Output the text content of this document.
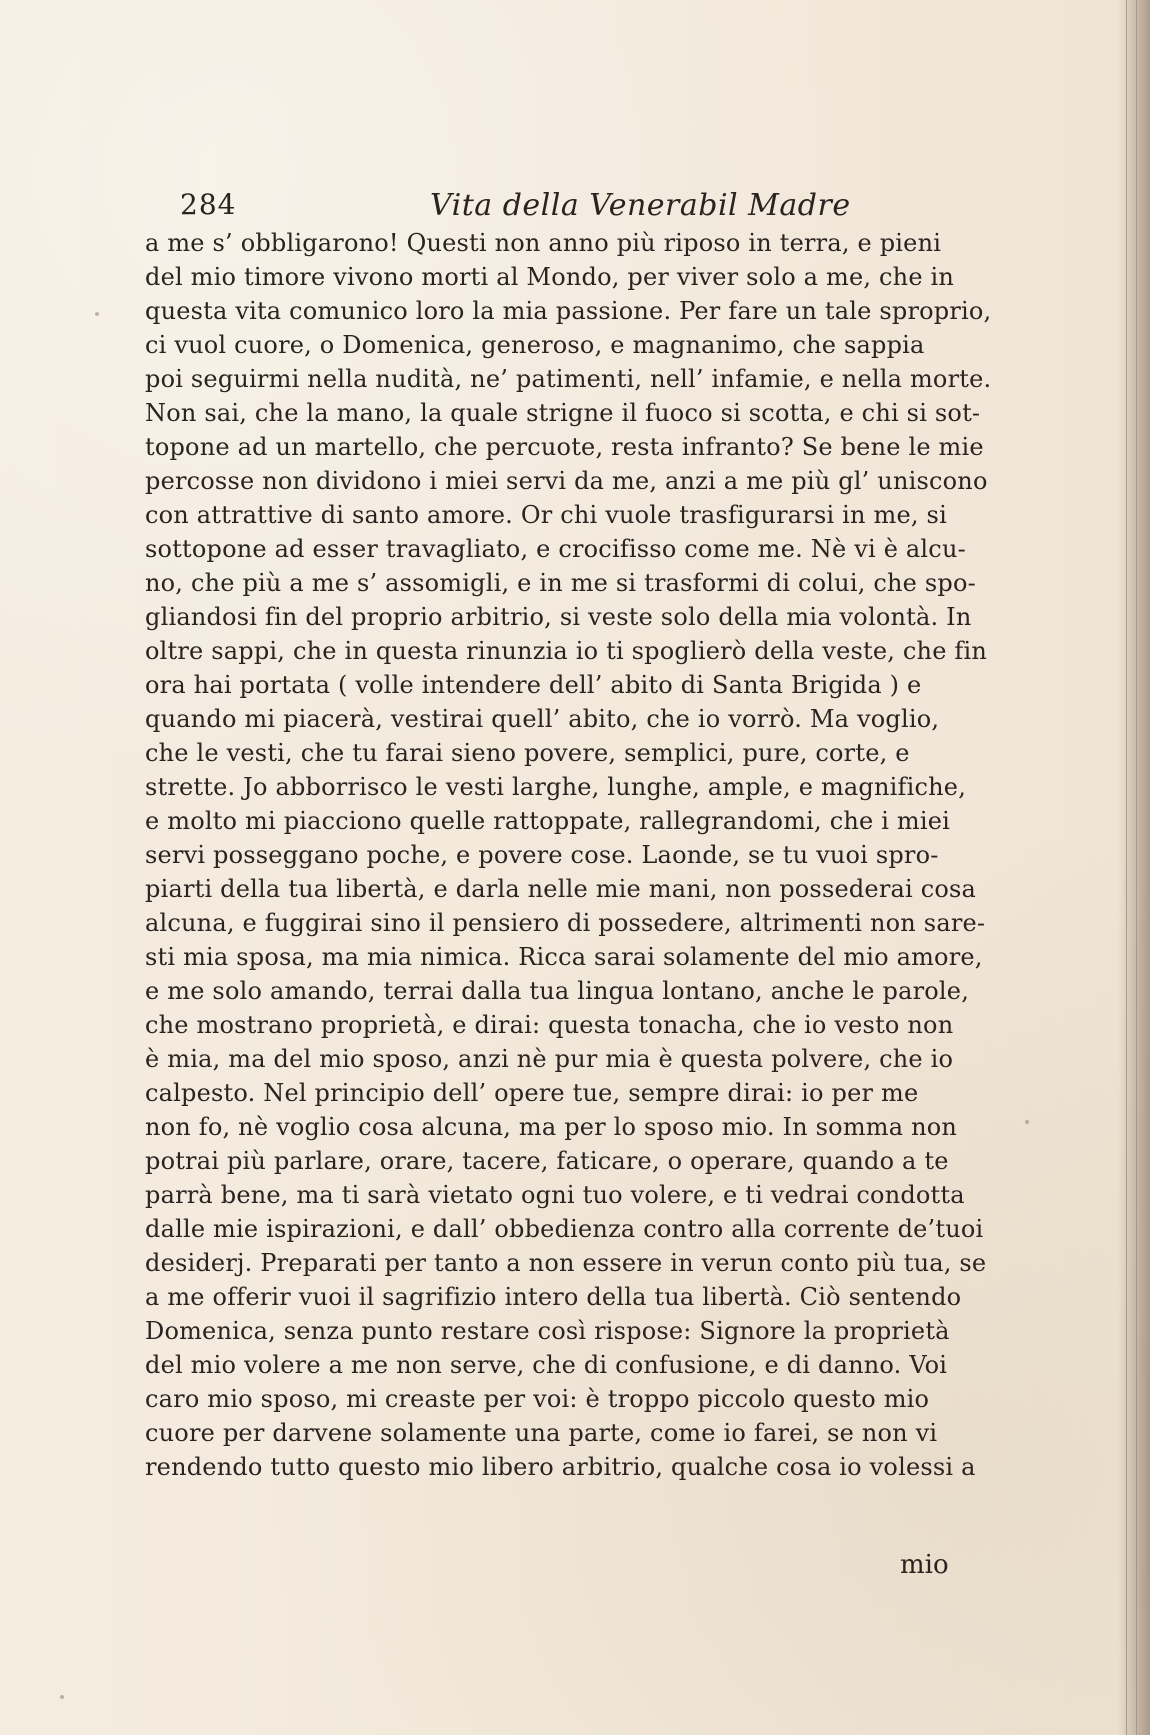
284	Vita della Venerabil Madre
a me s’ obbligarono! Questi non anno più riposo in terra, e pieni
del mio timore vivono morti al Mondo, per viver solo a me, che in
questa vita comunico loro la mia passione. Per fare un tale sproprio,
ci vuol cuore, o Domenica, generoso, e magnanimo, che sappia
poi seguirmi nella nudità, ne’ patimenti, nell’ infamie, e nella morte.
Non sai, che la mano, la quale strigne il fuoco si scotta, e chi si sot-
topone ad un martello, che percuote, resta infranto? Se bene le mie
percosse non dividono i miei servi da me, anzi a me più gl’ uniscono
con attrattive di santo amore. Or chi vuole trasfigurarsi in me, si
sottopone ad esser travagliato, e crocifisso come me. Nè vi è alcu-
no, che più a me s’ assomigli, e in me si trasformi di colui, che spo-
gliandosi fin del proprio arbitrio, si veste solo della mia volontà. In
oltre sappi, che in questa rinunzia io ti spoglierò della veste, che fin
ora hai portata ( volle intendere dell’ abito di Santa Brigida ) e
quando mi piacerà, vestirai quell’ abito, che io vorrò. Ma voglio,
che le vesti, che tu farai sieno povere, semplici, pure, corte, e
strette. Jo abborrisco le vesti larghe, lunghe, ample, e magnifiche,
e molto mi piacciono quelle rattoppate, rallegrandomi, che i miei
servi posseggano poche, e povere cose. Laonde, se tu vuoi spro-
piarti della tua libertà, e darla nelle mie mani, non possederai cosa
alcuna, e fuggirai sino il pensiero di possedere, altrimenti non sare-
sti mia sposa, ma mia nimica. Ricca sarai solamente del mio amore,
e me solo amando, terrai dalla tua lingua lontano, anche le parole,
che mostrano proprietà, e dirai: questa tonacha, che io vesto non
è mia, ma del mio sposo, anzi nè pur mia è questa polvere, che io
calpesto. Nel principio dell’ opere tue, sempre dirai: io per me
non fo, nè voglio cosa alcuna, ma per lo sposo mio. In somma non
potrai più parlare, orare, tacere, faticare, o operare, quando a te
parrà bene, ma ti sarà vietato ogni tuo volere, e ti vedrai condotta
dalle mie ispirazioni, e dall’ obbedienza contro alla corrente de’tuoi
desiderj. Preparati per tanto a non essere in verun conto più tua, se
a me offerir vuoi il sagrifizio intero della tua libertà. Ciò sentendo
Domenica, senza punto restare così rispose: Signore la proprietà
del mio volere a me non serve, che di confusione, e di danno. Voi
caro mio sposo, mi creaste per voi: è troppo piccolo questo mio
cuore per darvene solamente una parte, come io farei, se non vi
rendendo tutto questo mio libero arbitrio, qualche cosa io volessi a
mio
